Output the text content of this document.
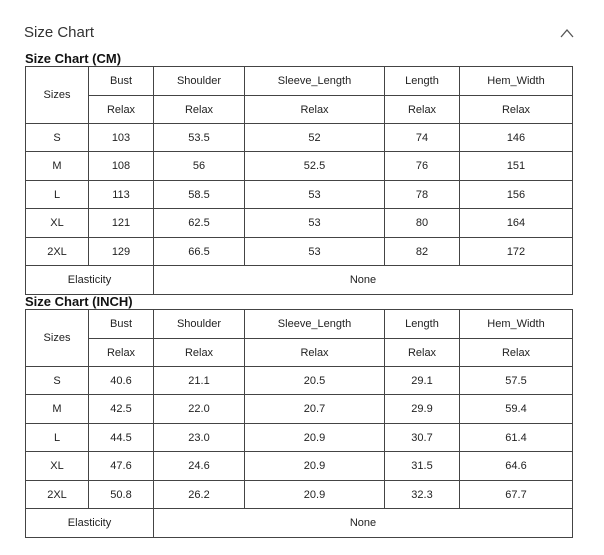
Size Chart
Size Chart (CM)
Sizes	Bust	Shoulder	Sleeve_Length	Length	Hem_Width
	Relax	Relax	Relax	Relax	Relax
S	103	53.5	52	74	146
M	108	56	52.5	76	151
L	113	58.5	53	78	156
XL	121	62.5	53	80	164
2XL	129	66.5	53	82	172
Elasticity		None			
Size Chart (INCH)
Sizes	Bust	Shoulder	Sleeve_Length	Length	Hem_Width
	Relax	Relax	Relax	Relax	Relax
S	40.6	21.1	20.5	29.1	57.5
M	42.5	22.0	20.7	29.9	59.4
L	44.5	23.0	20.9	30.7	61.4
XL	47.6	24.6	20.9	31.5	64.6
2XL	50.8	26.2	20.9	32.3	67.7
Elasticity		None			
